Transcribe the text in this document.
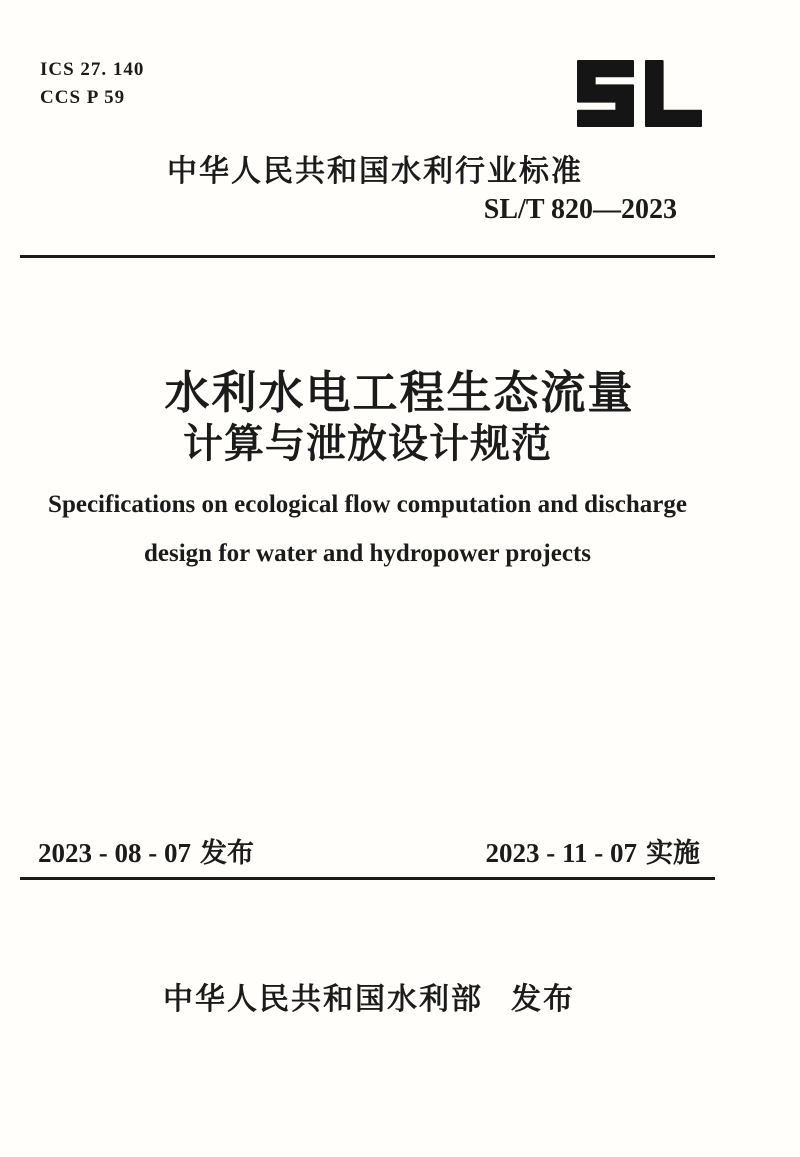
ICS 27. 140
CCS P 59
中华人民共和国水利行业标准
SL/T 820—2023
水利水电工程生态流量
计算与泄放设计规范
Specifications on ecological flow computation and discharge
design for water and hydropower projects
2023 - 08 - 07 发布	2023 - 11 - 07 实施
中华人民共和国水利部 发布
